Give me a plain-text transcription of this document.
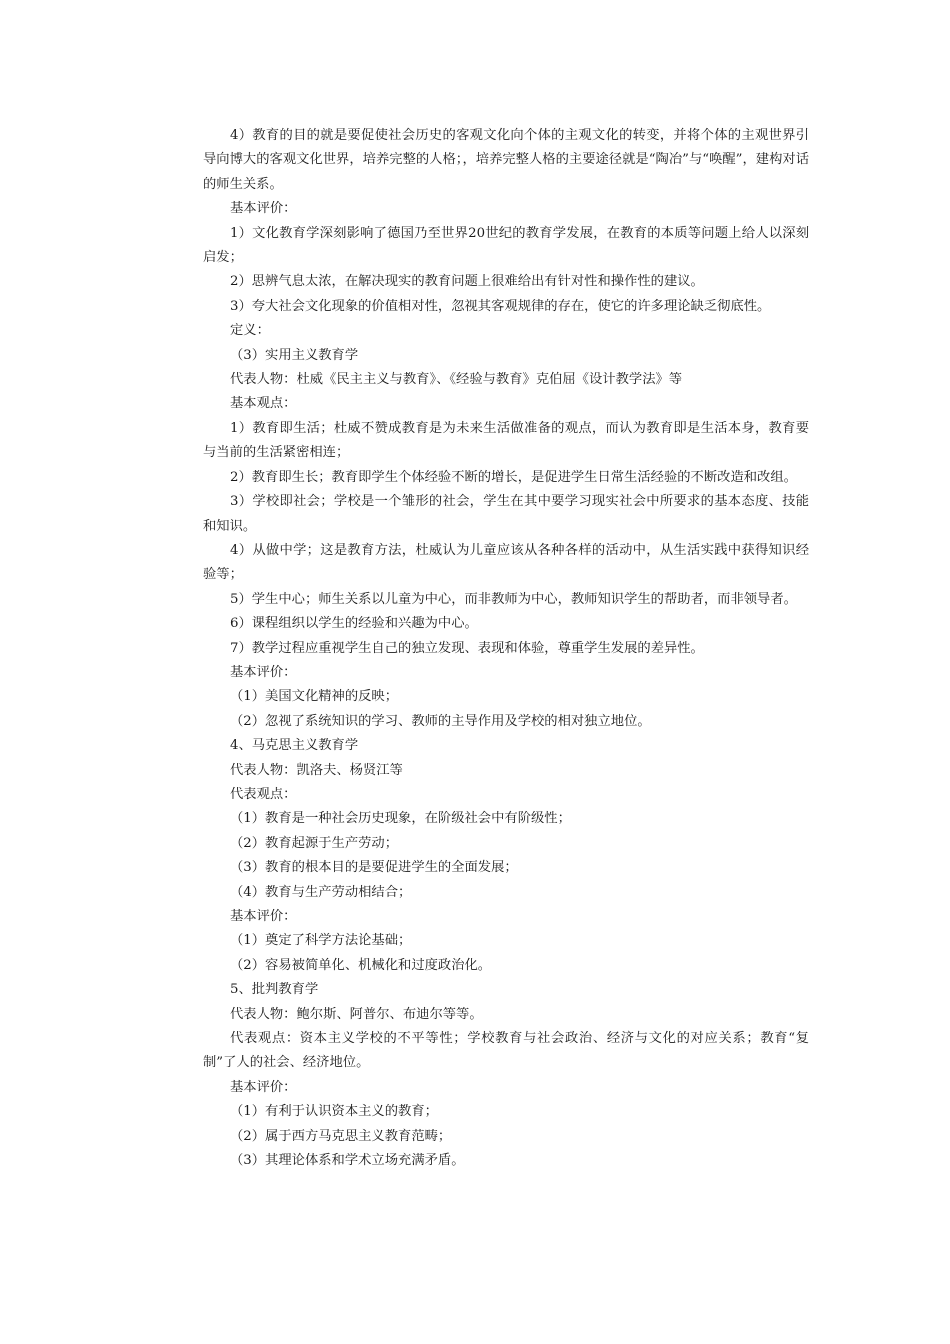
4）教育的目的就是要促使社会历史的客观文化向个体的主观文化的转变，并将个体的主观世界引导向博大的客观文化世界，培养完整的人格；，培养完整人格的主要途径就是“陶冶”与“唤醒”，建构对话的师生关系。

基本评价：

1）文化教育学深刻影响了德国乃至世界20世纪的教育学发展，在教育的本质等问题上给人以深刻启发；

2）思辨气息太浓，在解决现实的教育问题上很难给出有针对性和操作性的建议。

3）夸大社会文化现象的价值相对性，忽视其客观规律的存在，使它的许多理论缺乏彻底性。

定义：

（3）实用主义教育学

代表人物：杜威《民主主义与教育》、《经验与教育》克伯屈《设计教学法》等

基本观点：

1）教育即生活；杜威不赞成教育是为未来生活做准备的观点，而认为教育即是生活本身，教育要与当前的生活紧密相连；

2）教育即生长；教育即学生个体经验不断的增长，是促进学生日常生活经验的不断改造和改组。

3）学校即社会；学校是一个雏形的社会，学生在其中要学习现实社会中所要求的基本态度、技能和知识。

4）从做中学；这是教育方法，杜威认为儿童应该从各种各样的活动中，从生活实践中获得知识经验等；

5）学生中心；师生关系以儿童为中心，而非教师为中心，教师知识学生的帮助者，而非领导者。

6）课程组织以学生的经验和兴趣为中心。

7）教学过程应重视学生自己的独立发现、表现和体验，尊重学生发展的差异性。

基本评价：

（1）美国文化精神的反映；

（2）忽视了系统知识的学习、教师的主导作用及学校的相对独立地位。

4、马克思主义教育学

代表人物：凯洛夫、杨贤江等

代表观点：

（1）教育是一种社会历史现象，在阶级社会中有阶级性；

（2）教育起源于生产劳动；

（3）教育的根本目的是要促进学生的全面发展；

（4）教育与生产劳动相结合；

基本评价：

（1）奠定了科学方法论基础；

（2）容易被简单化、机械化和过度政治化。

5、批判教育学

代表人物：鲍尔斯、阿普尔、布迪尔等等。

代表观点：资本主义学校的不平等性；学校教育与社会政治、经济与文化的对应关系；教育“复制”了人的社会、经济地位。

基本评价：

（1）有利于认识资本主义的教育；

（2）属于西方马克思主义教育范畴；

（3）其理论体系和学术立场充满矛盾。
